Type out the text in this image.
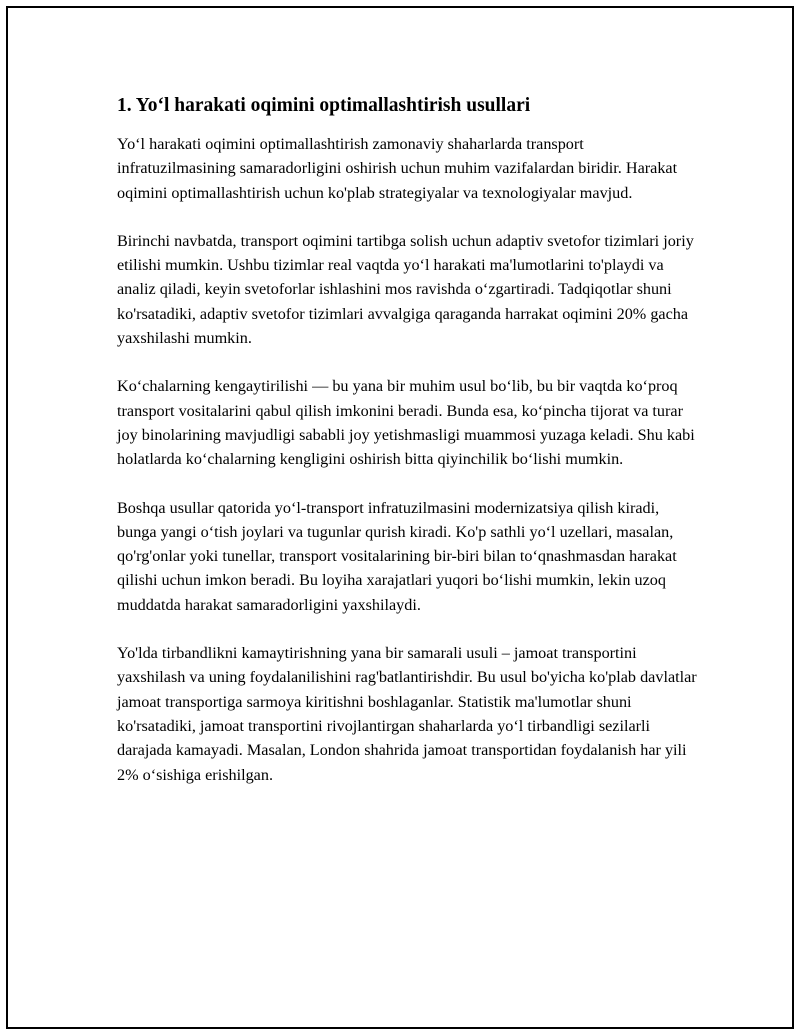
1. Yo‘l harakati oqimini optimallashtirish usullari

Yo‘l harakati oqimini optimallashtirish zamonaviy shaharlarda transport infratuzilmasining samaradorligini oshirish uchun muhim vazifalardan biridir. Harakat oqimini optimallashtirish uchun ko'plab strategiyalar va texnologiyalar mavjud.

Birinchi navbatda, transport oqimini tartibga solish uchun adaptiv svetofor tizimlari joriy etilishi mumkin. Ushbu tizimlar real vaqtda yo‘l harakati ma'lumotlarini to'playdi va analiz qiladi, keyin svetoforlar ishlashini mos ravishda o‘zgartiradi. Tadqiqotlar shuni ko'rsatadiki, adaptiv svetofor tizimlari avvalgiga qaraganda harrakat oqimini 20% gacha yaxshilashi mumkin.

Ko‘chalarning kengaytirilishi — bu yana bir muhim usul bo‘lib, bu bir vaqtda ko‘proq transport vositalarini qabul qilish imkonini beradi. Bunda esa, ko‘pincha tijorat va turar joy binolarining mavjudligi sababli joy yetishmasligi muammosi yuzaga keladi. Shu kabi holatlarda ko‘chalarning kengligini oshirish bitta qiyinchilik bo‘lishi mumkin.

Boshqa usullar qatorida yo‘l-transport infratuzilmasini modernizatsiya qilish kiradi, bunga yangi o‘tish joylari va tugunlar qurish kiradi. Ko'p sathli yo‘l uzellari, masalan, qo'rg'onlar yoki tunellar, transport vositalarining bir-biri bilan to‘qnashmasdan harakat qilishi uchun imkon beradi. Bu loyiha xarajatlari yuqori bo‘lishi mumkin, lekin uzoq muddatda harakat samaradorligini yaxshilaydi.

Yo'lda tirbandlikni kamaytirishning yana bir samarali usuli – jamoat transportini yaxshilash va uning foydalanilishini rag'batlantirishdir. Bu usul bo'yicha ko'plab davlatlar jamoat transportiga sarmoya kiritishni boshlaganlar. Statistik ma'lumotlar shuni ko'rsatadiki, jamoat transportini rivojlantirgan shaharlarda yo‘l tirbandligi sezilarli darajada kamayadi. Masalan, London shahrida jamoat transportidan foydalanish har yili 2% o‘sishiga erishilgan.
